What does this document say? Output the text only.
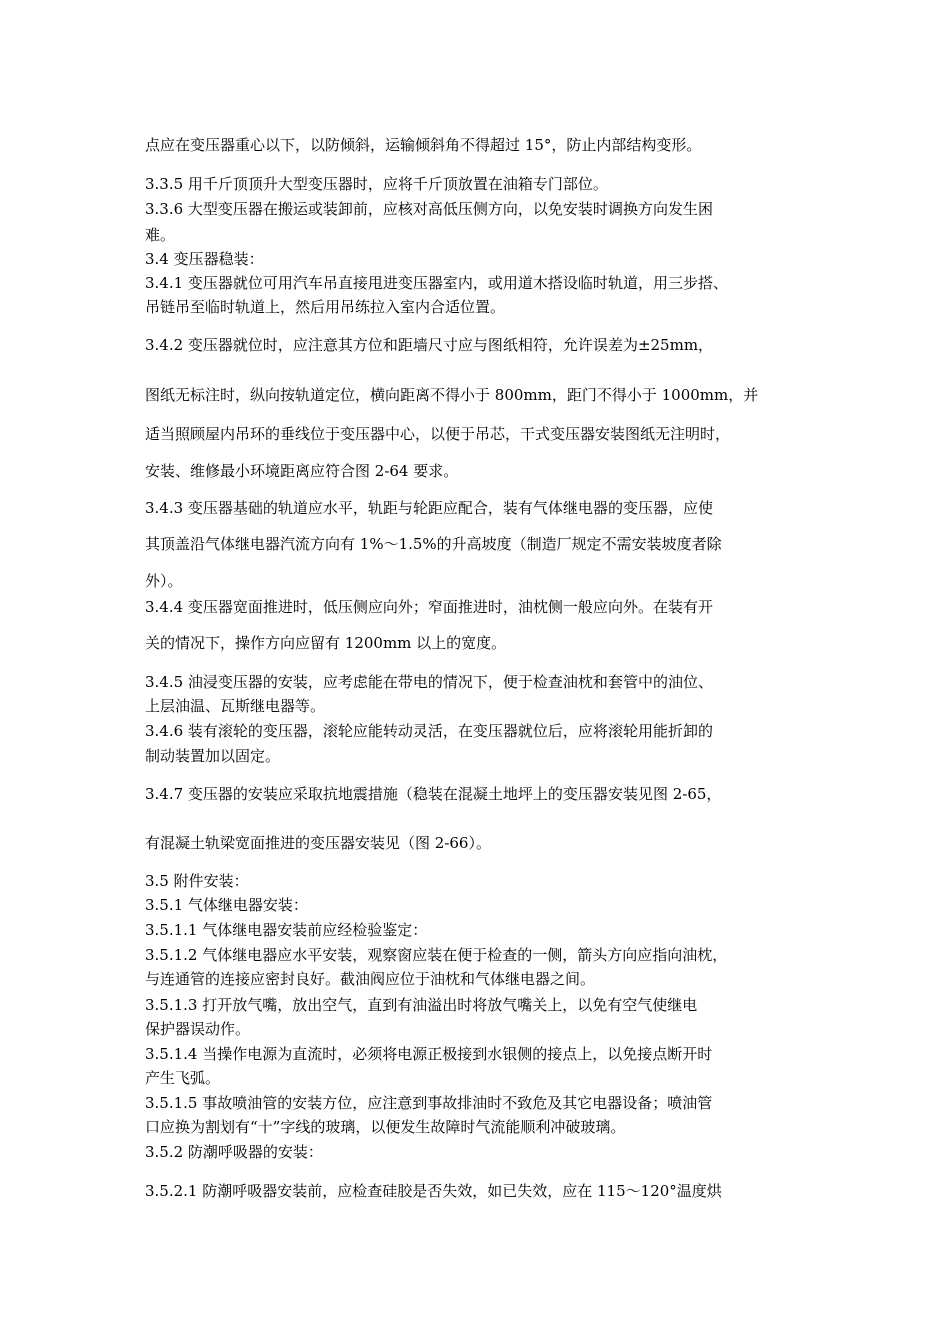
点应在变压器重心以下，以防倾斜，运输倾斜角不得超过 15°，防止内部结构变形。
3.3.5 用千斤顶顶升大型变压器时，应将千斤顶放置在油箱专门部位。
3.3.6 大型变压器在搬运或装卸前，应核对高低压侧方向，以免安装时调换方向发生困
难。
3.4 变压器稳装：
3.4.1 变压器就位可用汽车吊直接甩进变压器室内，或用道木搭设临时轨道，用三步搭、
吊链吊至临时轨道上，然后用吊练拉入室内合适位置。
3.4.2 变压器就位时，应注意其方位和距墙尺寸应与图纸相符，允许误差为±25mm，
图纸无标注时，纵向按轨道定位，横向距离不得小于 800mm，距门不得小于 1000mm，并
适当照顾屋内吊环的垂线位于变压器中心，以便于吊芯，干式变压器安装图纸无注明时，
安装、维修最小环境距离应符合图 2-64 要求。
3.4.3 变压器基础的轨道应水平，轨距与轮距应配合，装有气体继电器的变压器，应使
其顶盖沿气体继电器汽流方向有 1%～1.5%的升高坡度（制造厂规定不需安装坡度者除
外）。
3.4.4 变压器宽面推进时，低压侧应向外；窄面推进时，油枕侧一般应向外。在装有开
关的情况下，操作方向应留有 1200mm 以上的宽度。
3.4.5 油浸变压器的安装，应考虑能在带电的情况下，便于检查油枕和套管中的油位、
上层油温、瓦斯继电器等。
3.4.6 装有滚轮的变压器，滚轮应能转动灵活，在变压器就位后，应将滚轮用能折卸的
制动装置加以固定。
3.4.7 变压器的安装应采取抗地震措施（稳装在混凝土地坪上的变压器安装见图 2-65，
有混凝土轨梁宽面推进的变压器安装见（图 2-66）。
3.5 附件安装：
3.5.1 气体继电器安装：
3.5.1.1 气体继电器安装前应经检验鉴定：
3.5.1.2 气体继电器应水平安装，观察窗应装在便于检查的一侧，箭头方向应指向油枕，
与连通管的连接应密封良好。截油阀应位于油枕和气体继电器之间。
3.5.1.3 打开放气嘴，放出空气，直到有油溢出时将放气嘴关上，以免有空气使继电
保护器误动作。
3.5.1.4 当操作电源为直流时，必须将电源正极接到水银侧的接点上，以免接点断开时
产生飞弧。
3.5.1.5 事故喷油管的安装方位，应注意到事故排油时不致危及其它电器设备；喷油管
口应换为割划有“十”字线的玻璃，以便发生故障时气流能顺利冲破玻璃。
3.5.2 防潮呼吸器的安装：
3.5.2.1 防潮呼吸器安装前，应检查硅胶是否失效，如已失效，应在 115～120°温度烘
